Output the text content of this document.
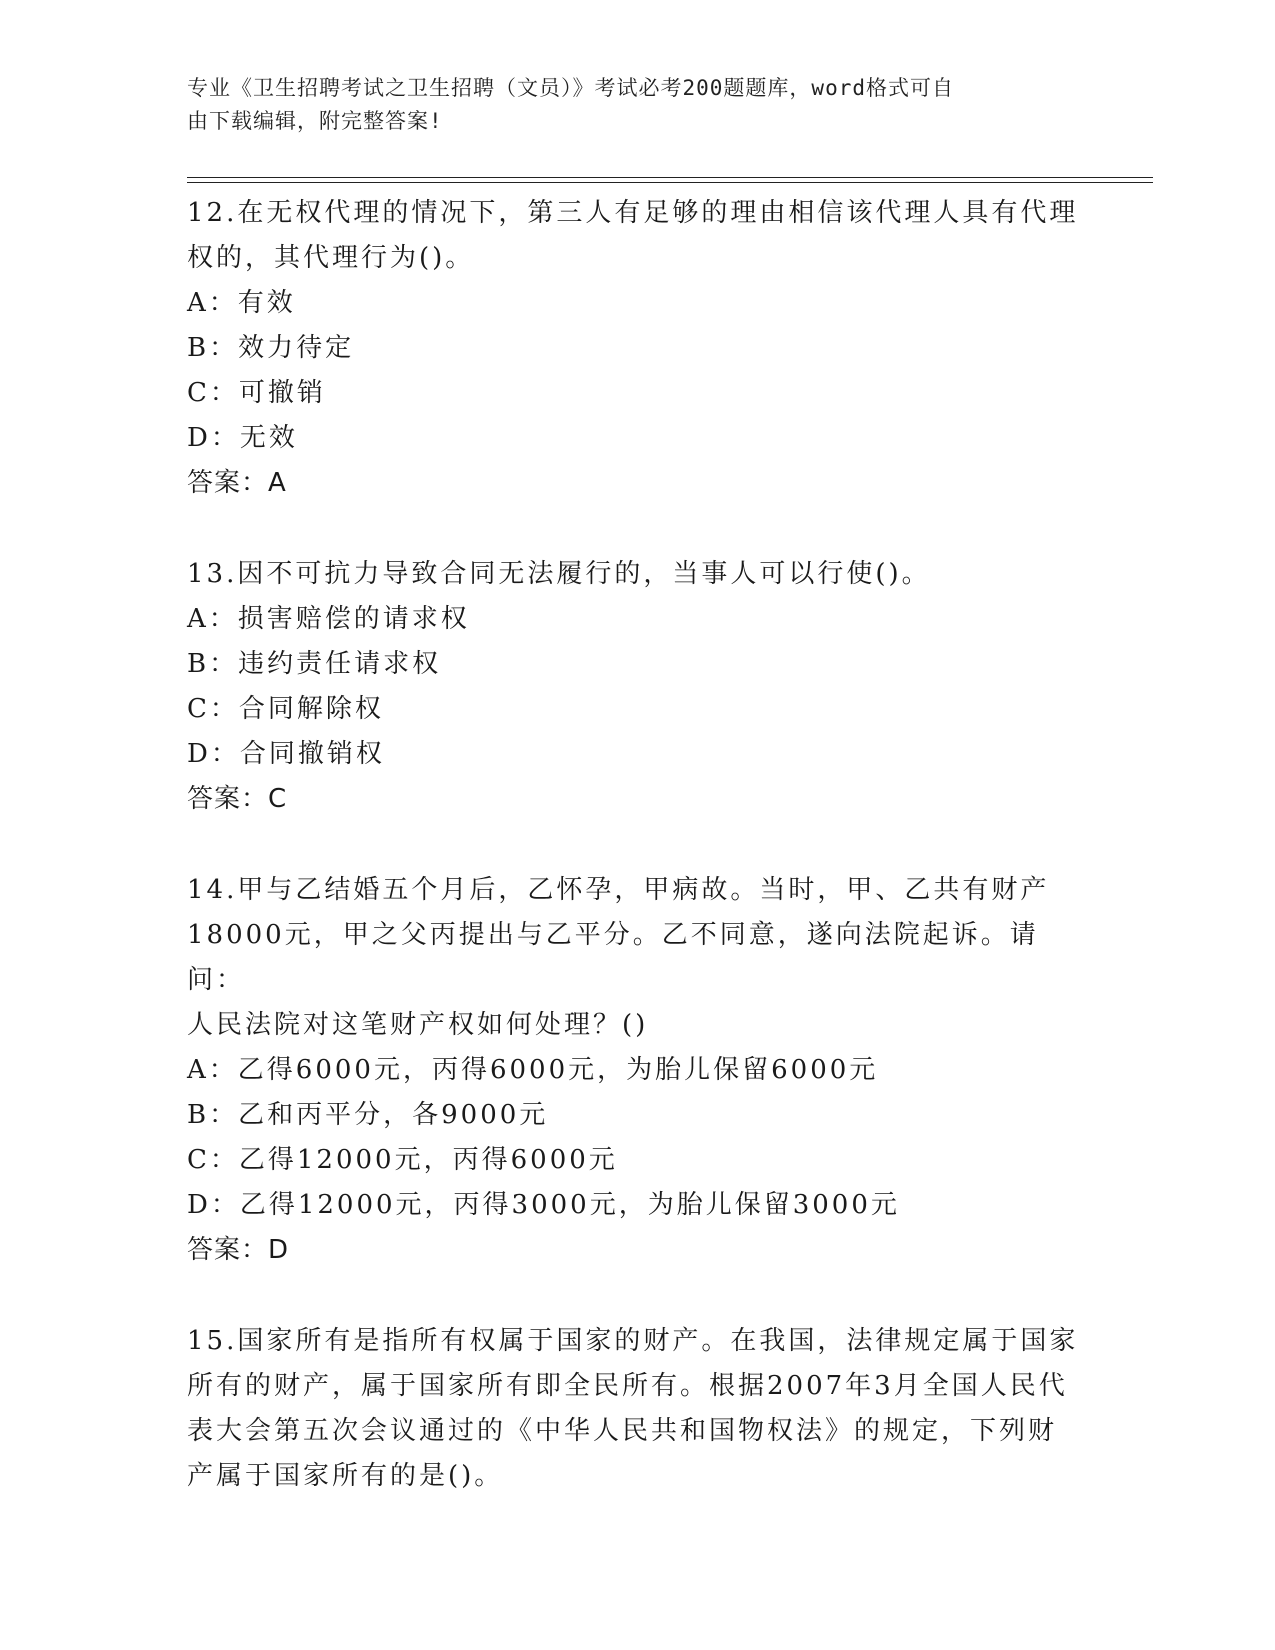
专业《卫生招聘考试之卫生招聘（文员）》考试必考200题题库，word格式可自
由下载编辑，附完整答案!

12.在无权代理的情况下，第三人有足够的理由相信该代理人具有代理

权的，其代理行为()。

A：有效

B：效力待定

C：可撤销

D：无效

答案：A

13.因不可抗力导致合同无法履行的，当事人可以行使()。

A：损害赔偿的请求权

B：违约责任请求权

C：合同解除权

D：合同撤销权

答案：C

14.甲与乙结婚五个月后，乙怀孕，甲病故。当时，甲、乙共有财产

18000元，甲之父丙提出与乙平分。乙不同意，遂向法院起诉。请问：

人民法院对这笔财产权如何处理？()

A：乙得6000元，丙得6000元，为胎儿保留6000元

B：乙和丙平分，各9000元

C：乙得12000元，丙得6000元

D：乙得12000元，丙得3000元，为胎儿保留3000元

答案：D

15.国家所有是指所有权属于国家的财产。在我国，法律规定属于国家

所有的财产，属于国家所有即全民所有。根据2007年3月全国人民代

表大会第五次会议通过的《中华人民共和国物权法》的规定，下列财

产属于国家所有的是()。
